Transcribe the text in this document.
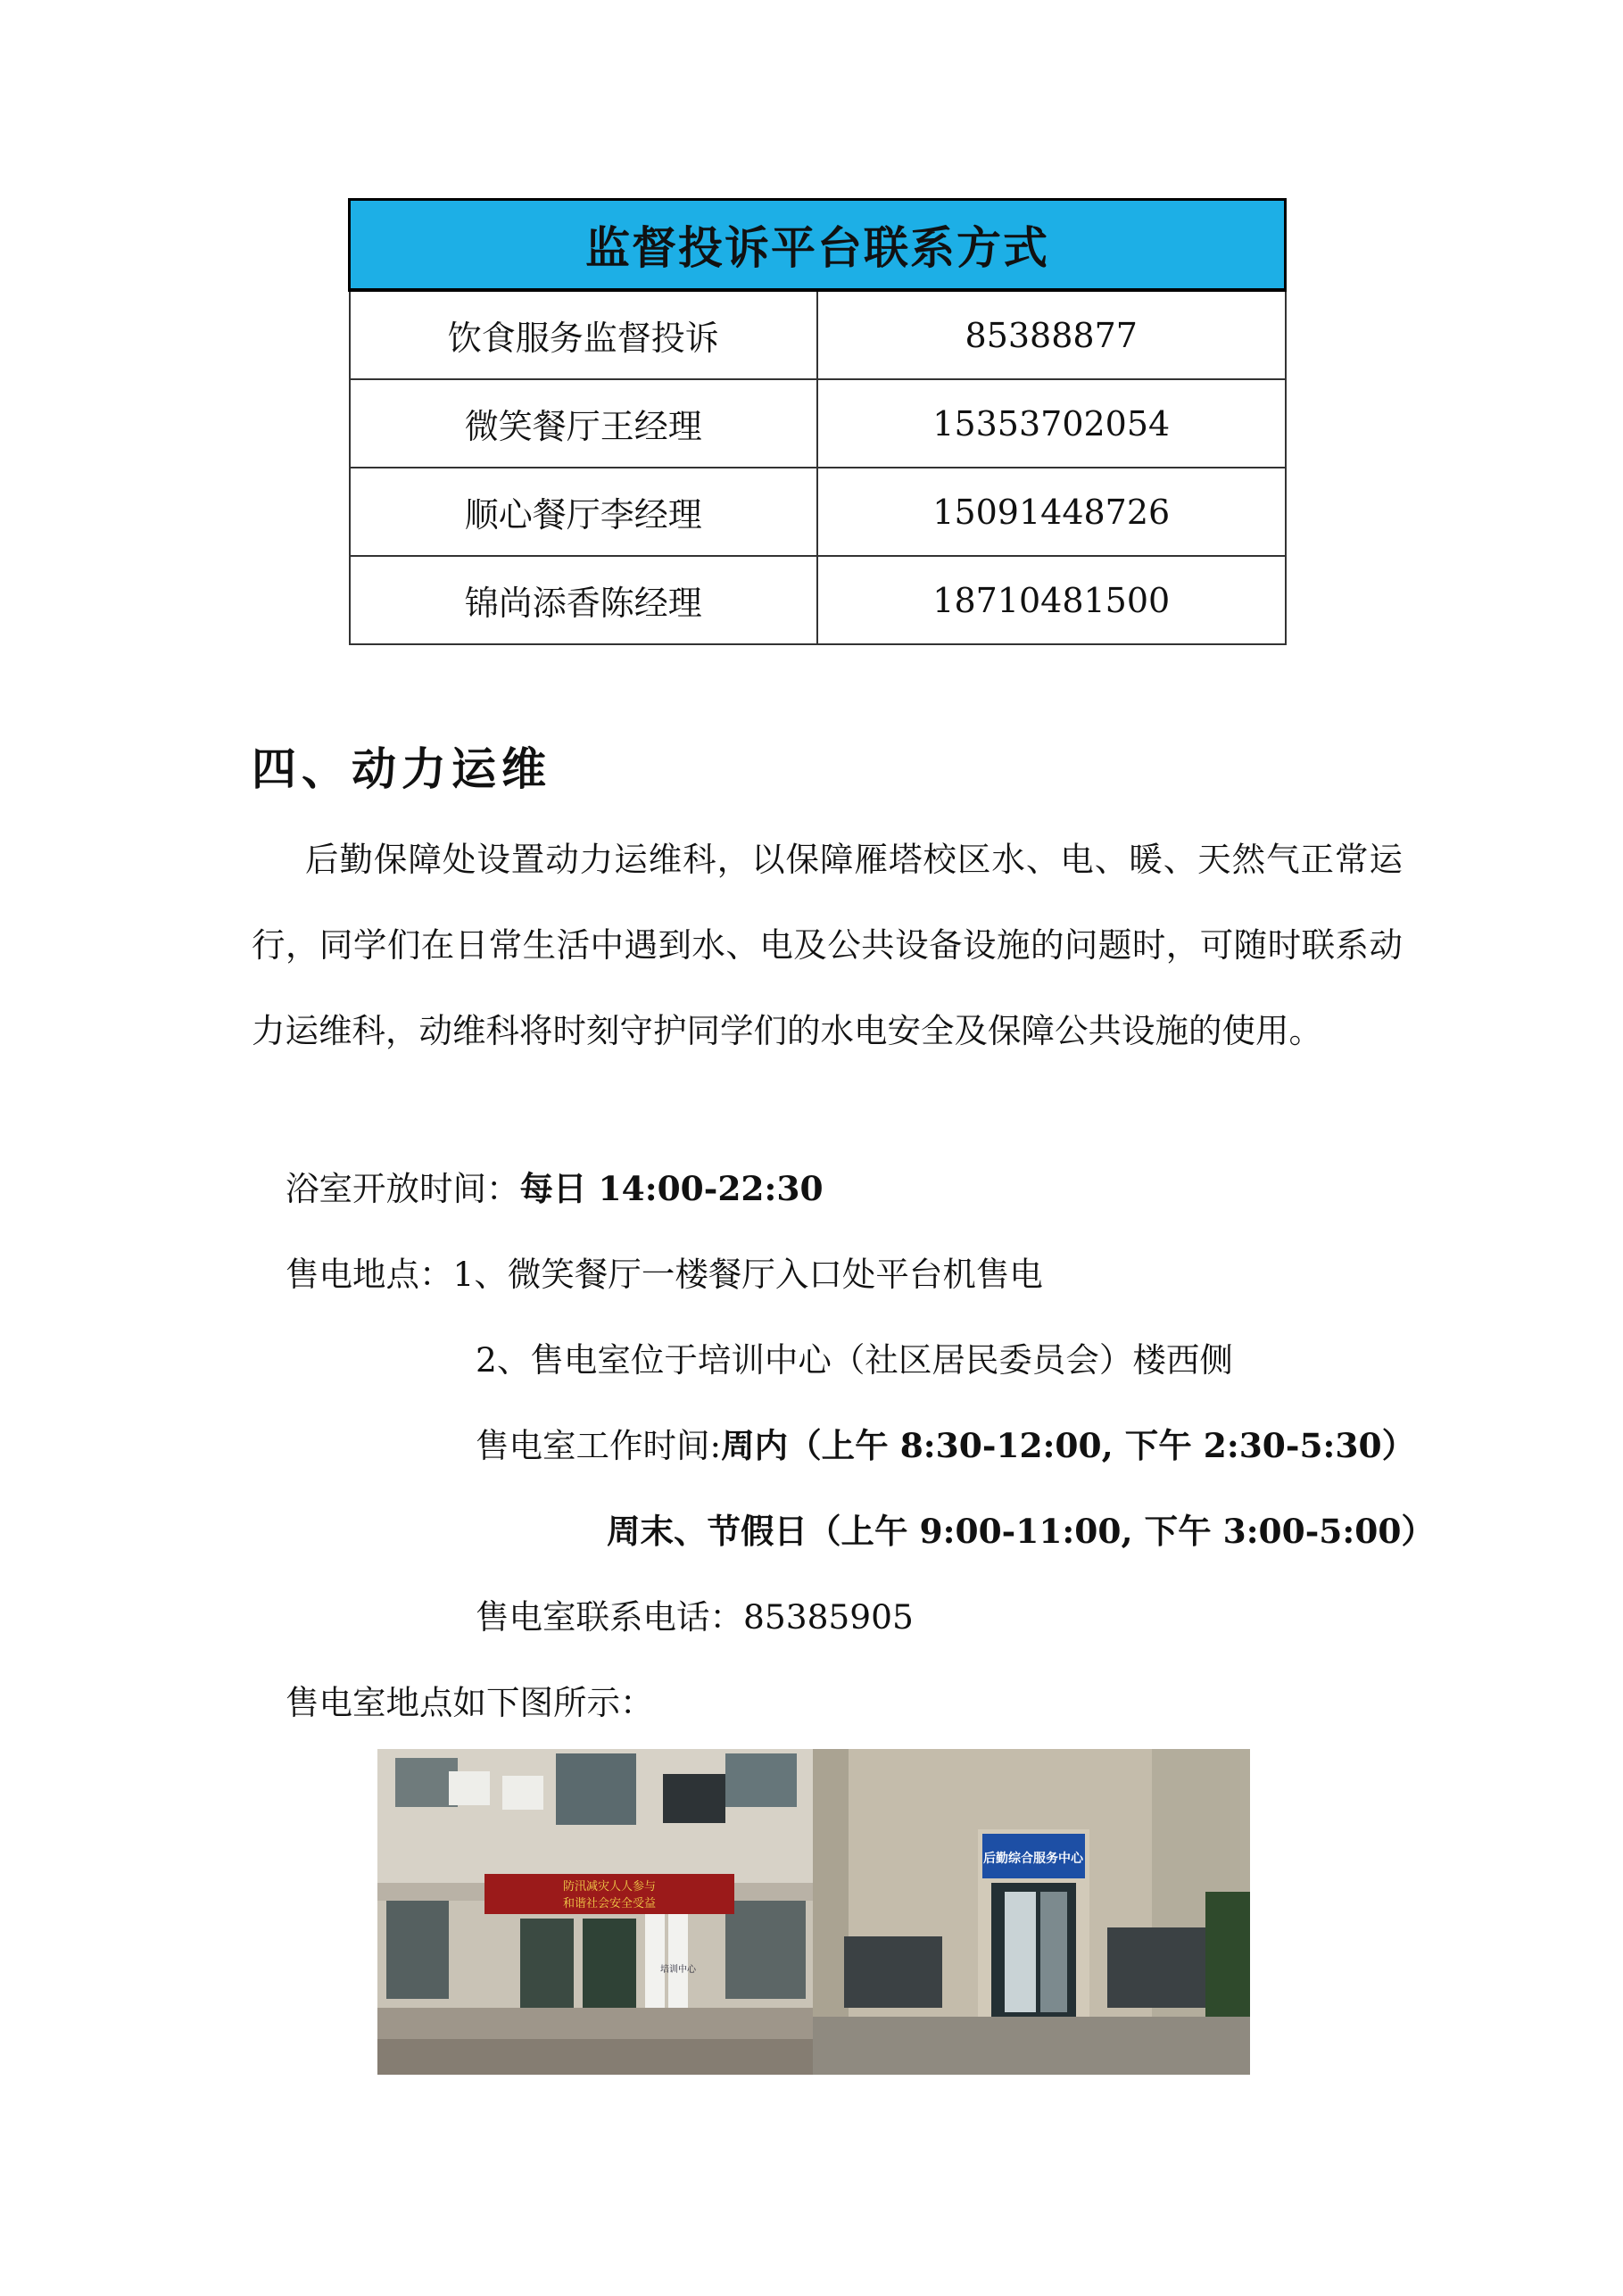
监督投诉平台联系方式	
饮食服务监督投诉	85388877
微笑餐厅王经理	15353702054
顺心餐厅李经理	15091448726
锦尚添香陈经理	18710481500
四、动力运维

后勤保障处设置动力运维科，以保障雁塔校区水、电、暖、天然气正常运行，同学们在日常生活中遇到水、电及公共设备设施的问题时，可随时联系动力运维科，动维科将时刻守护同学们的水电安全及保障公共设施的使用。

浴室开放时间：每日 14:00-22:30
售电地点：1、微笑餐厅一楼餐厅入口处平台机售电
2、售电室位于培训中心（社区居民委员会）楼西侧
售电室工作时间:周内（上午 8:30-12:00, 下午 2:30-5:30）
周末、节假日（上午 9:00-11:00, 下午 3:00-5:00）
售电室联系电话：85385905
售电室地点如下图所示：
防汛减灾人人参与
和谐社会安全受益
培训中心
后勤综合服务中心
